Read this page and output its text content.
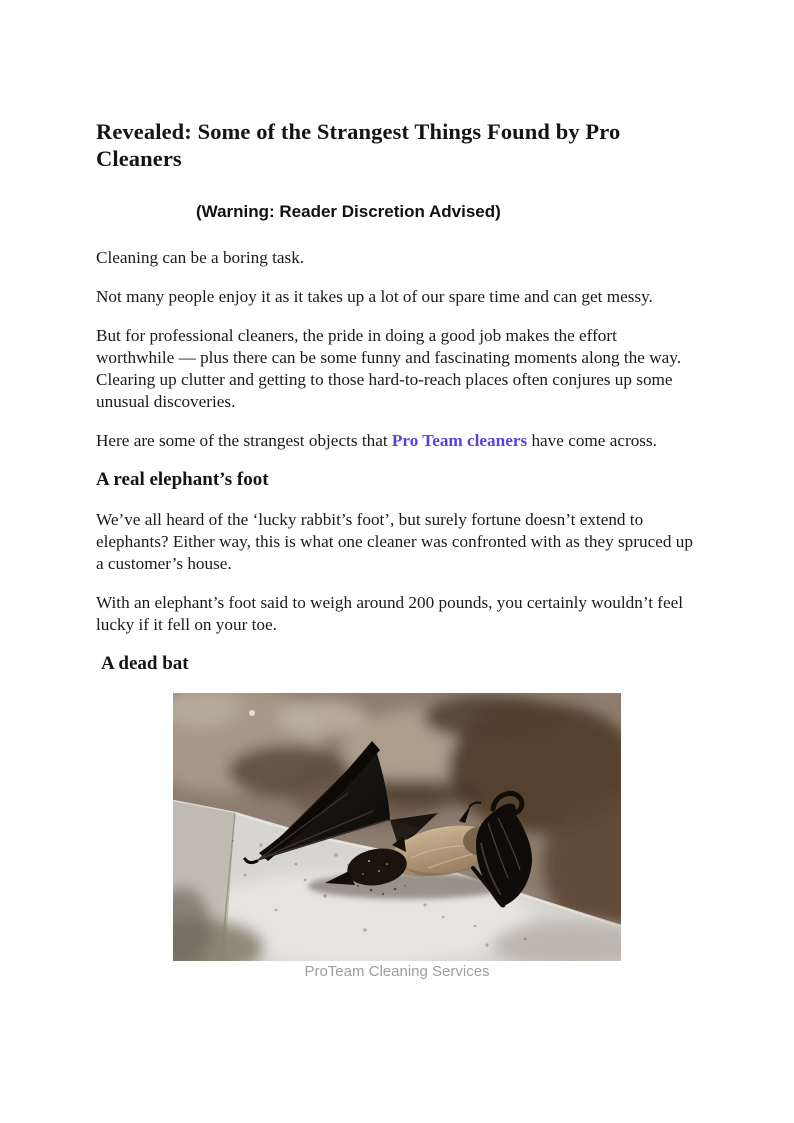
Revealed: Some of the Strangest Things Found by Pro Cleaners

(Warning: Reader Discretion Advised)

Cleaning can be a boring task.

Not many people enjoy it as it takes up a lot of our spare time and can get messy.

But for professional cleaners, the pride in doing a good job makes the effort worthwhile — plus there can be some funny and fascinating moments along the way. Clearing up clutter and getting to those hard-to-reach places often conjures up some unusual discoveries.

Here are some of the strangest objects that Pro Team cleaners have come across.

A real elephant’s foot

We’ve all heard of the ‘lucky rabbit’s foot’, but surely fortune doesn’t extend to elephants? Either way, this is what one cleaner was confronted with as they spruced up a customer’s house.

With an elephant’s foot said to weigh around 200 pounds, you certainly wouldn’t feel lucky if it fell on your toe.

A dead bat
ProTeam Cleaning Services
